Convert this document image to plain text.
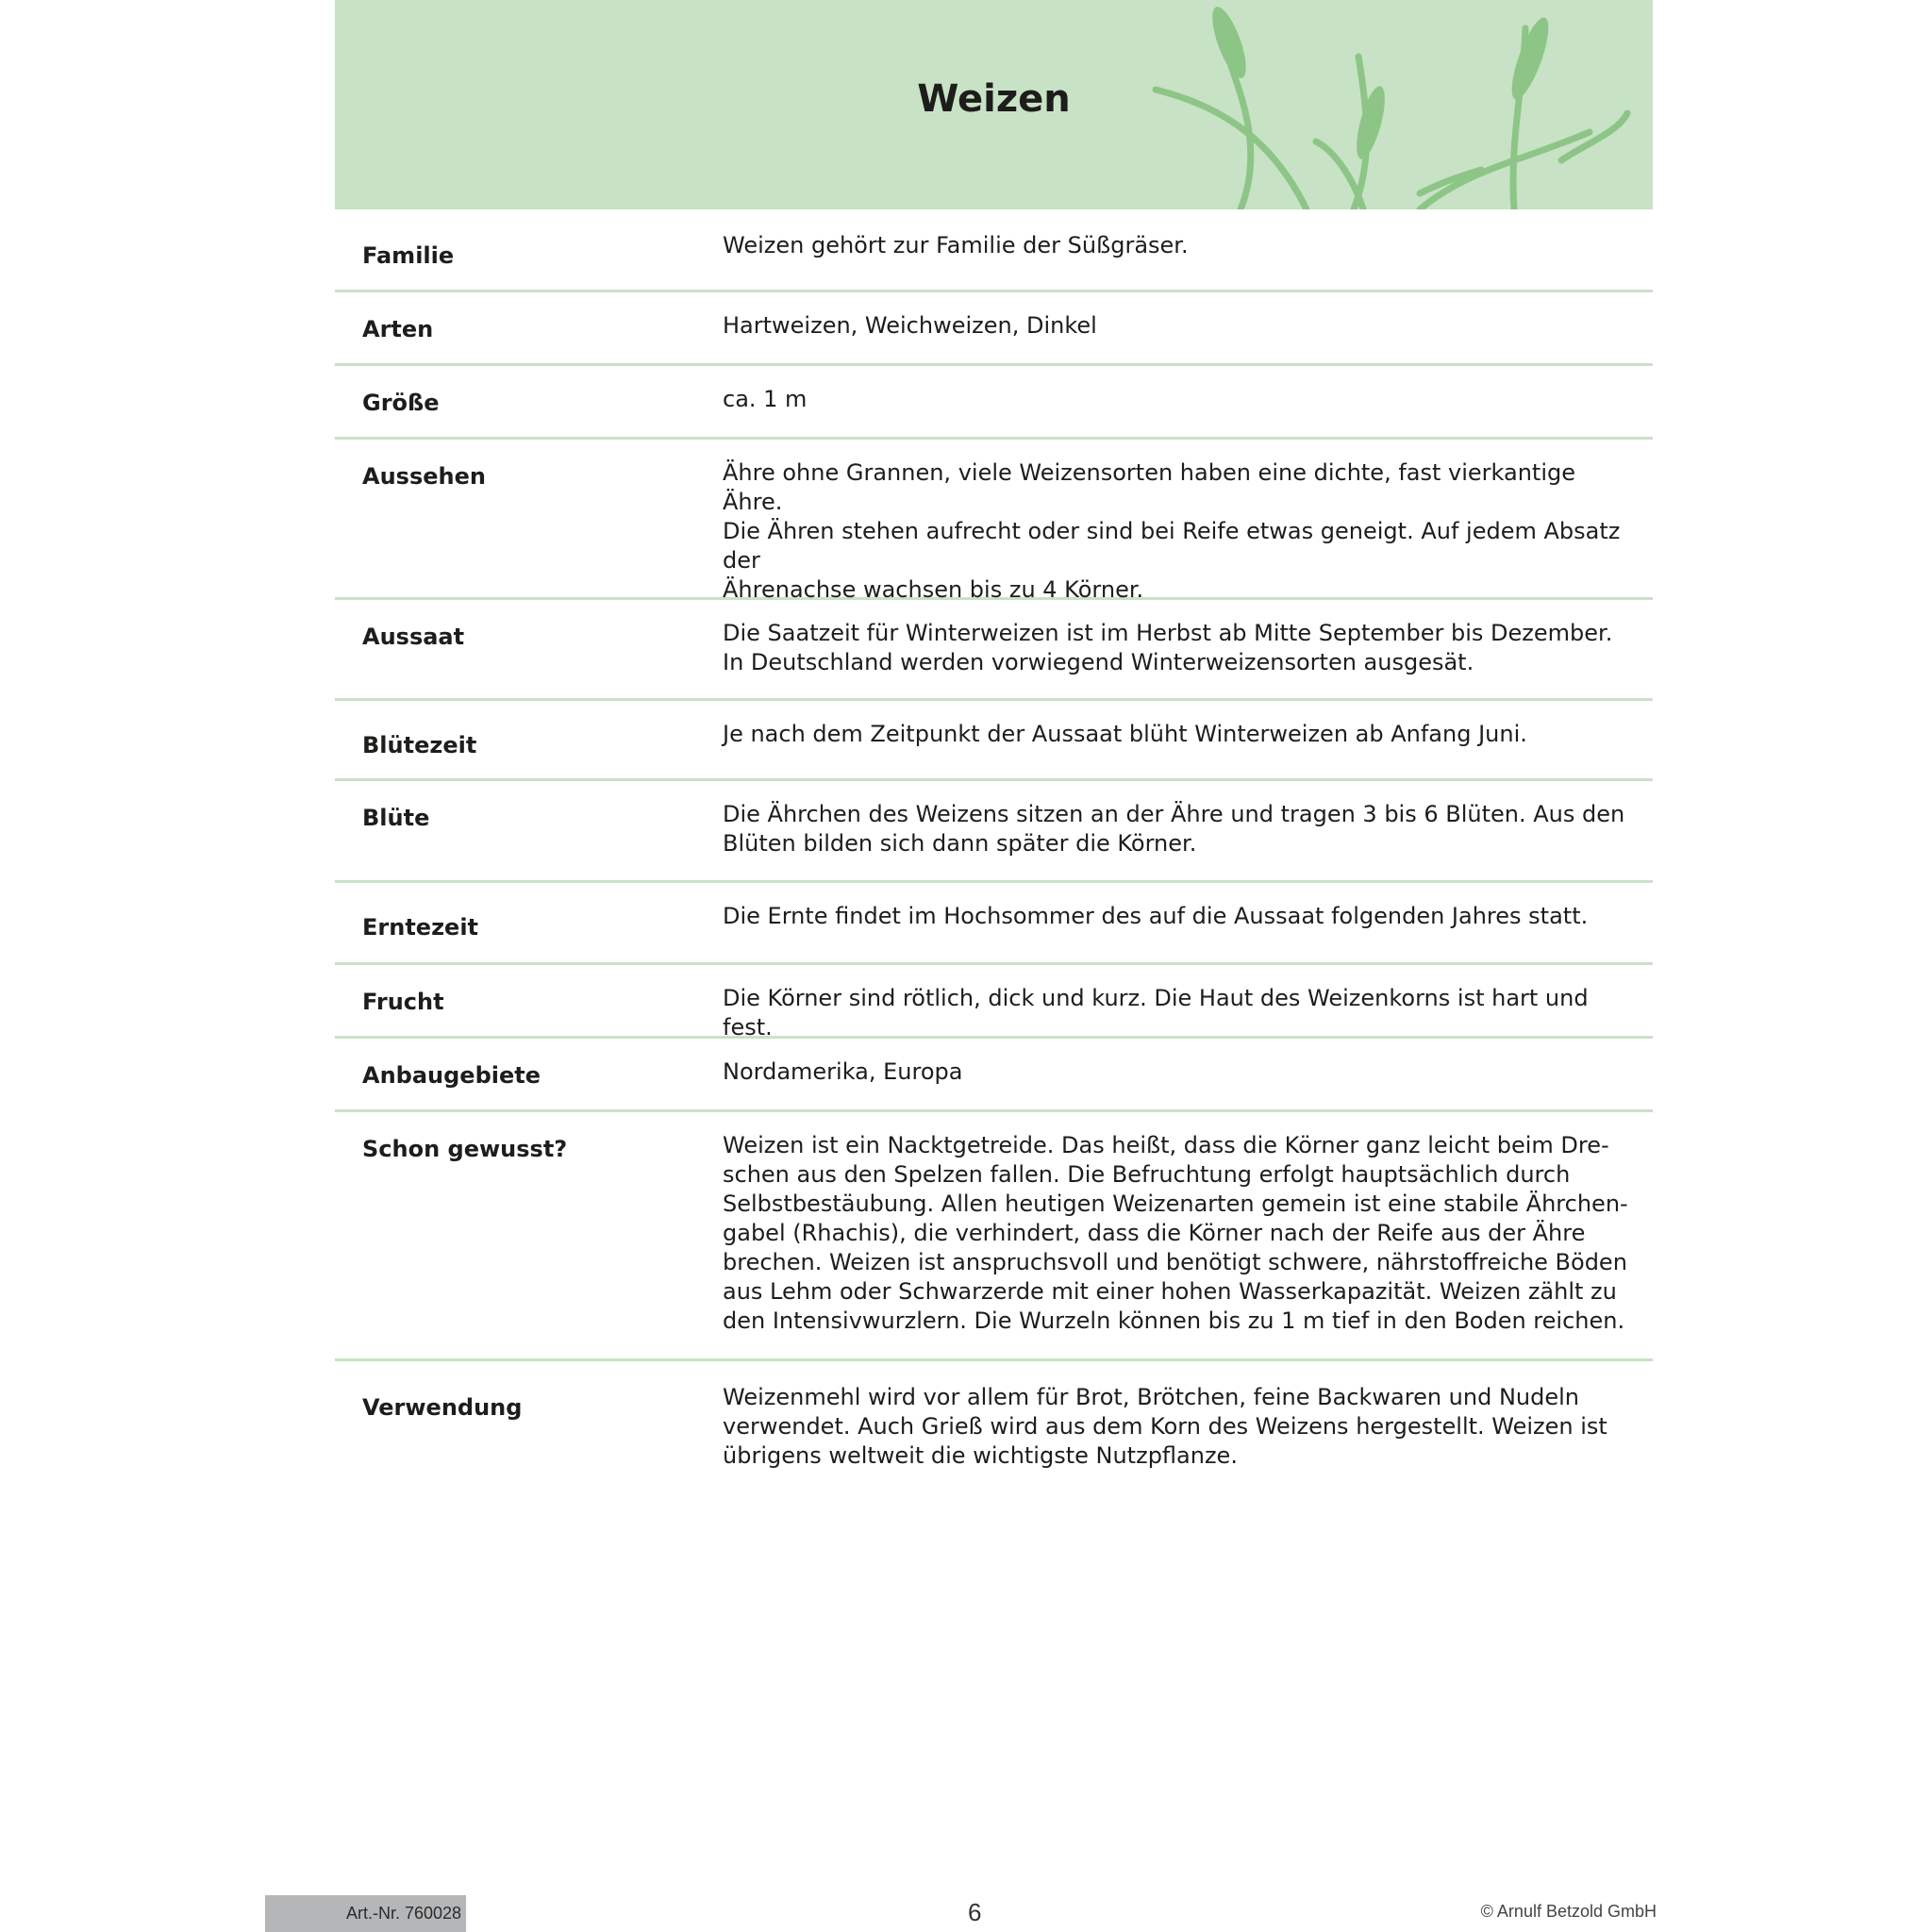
Weizen
Familie	Weizen gehört zur Familie der Süßgräser.
Arten	Hartweizen, Weichweizen, Dinkel
Größe	ca. 1 m
Aussehen	Ähre ohne Grannen, viele Weizensorten haben eine dichte, fast vierkantige Ähre.
Die Ähren stehen aufrecht oder sind bei Reife etwas geneigt. Auf jedem Absatz
der
Ährenachse wachsen bis zu 4 Körner.
Aussaat	Die Saatzeit für Winterweizen ist im Herbst ab Mitte September bis Dezember.
In Deutschland werden vorwiegend Winterweizensorten ausgesät.
Blütezeit	Je nach dem Zeitpunkt der Aussaat blüht Winterweizen ab Anfang Juni.
Blüte	Die Ährchen des Weizens sitzen an der Ähre und tragen 3 bis 6 Blüten. Aus den
Blüten bilden sich dann später die Körner.
Erntezeit	Die Ernte findet im Hochsommer des auf die Aussaat folgenden Jahres statt.
Frucht	Die Körner sind rötlich, dick und kurz. Die Haut des Weizenkorns ist hart und fest.
Anbaugebiete	Nordamerika, Europa
Schon gewusst?	Weizen ist ein Nacktgetreide. Das heißt, dass die Körner ganz leicht beim Dre-
schen aus den Spelzen fallen. Die Befruchtung erfolgt hauptsächlich durch
Selbstbestäubung. Allen heutigen Weizenarten gemein ist eine stabile Ährchen-
gabel (Rhachis), die verhindert, dass die Körner nach der Reife aus der Ähre
brechen. Weizen ist anspruchsvoll und benötigt schwere, nährstoffreiche Böden
aus Lehm oder Schwarzerde mit einer hohen Wasserkapazität. Weizen zählt zu
den Intensivwurzlern. Die Wurzeln können bis zu 1 m tief in den Boden reichen.
Verwendung	Weizenmehl wird vor allem für Brot, Brötchen, feine Backwaren und Nudeln
verwendet. Auch Grieß wird aus dem Korn des Weizens hergestellt. Weizen ist
übrigens weltweit die wichtigste Nutzpflanze.
Art.-Nr. 760028	6	© Arnulf Betzold GmbH
